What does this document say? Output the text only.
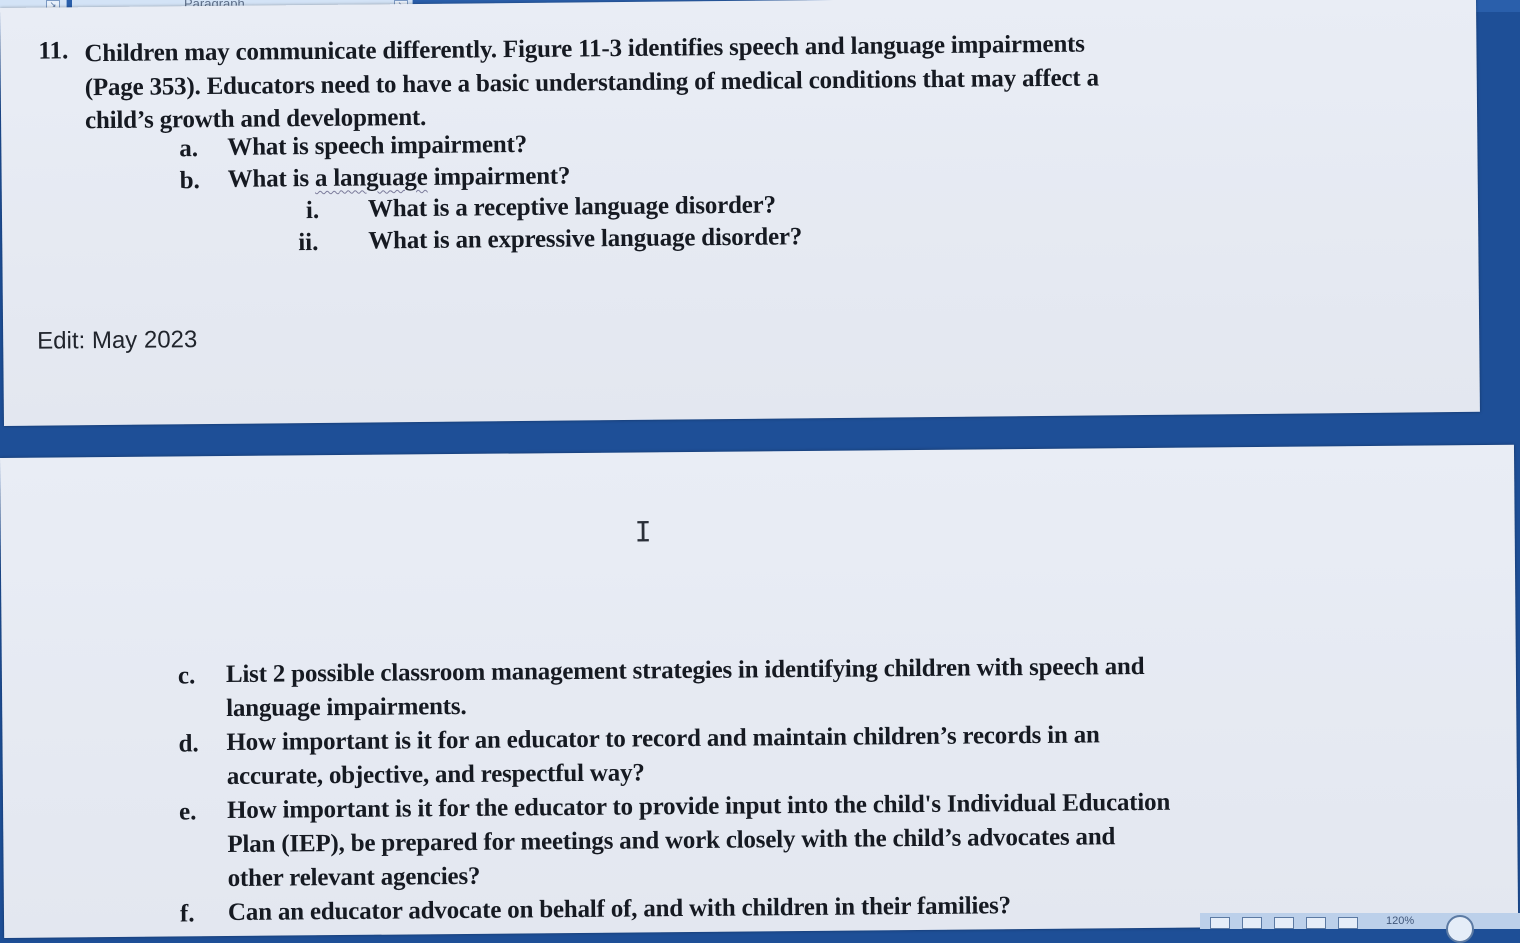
↘
11. Children may communicate differently. Figure 11-3 identifies speech and language impairments
(Page 353). Educators need to have a basic understanding of medical conditions that may affect a
child’s growth and development.
a. What is speech impairment?
b. What is a language impairment?
i. What is a receptive language disorder?
ii. What is an expressive language disorder?
Edit: May 2023
I
c. List 2 possible classroom management strategies in identifying children with speech and
language impairments.
d. How important is it for an educator to record and maintain children’s records in an
accurate, objective, and respectful way?
e. How important is it for the educator to provide input into the child's Individual Education
Plan (IEP), be prepared for meetings and work closely with the child’s advocates and
other relevant agencies?
f. Can an educator advocate on behalf of, and with children in their families?	120%
